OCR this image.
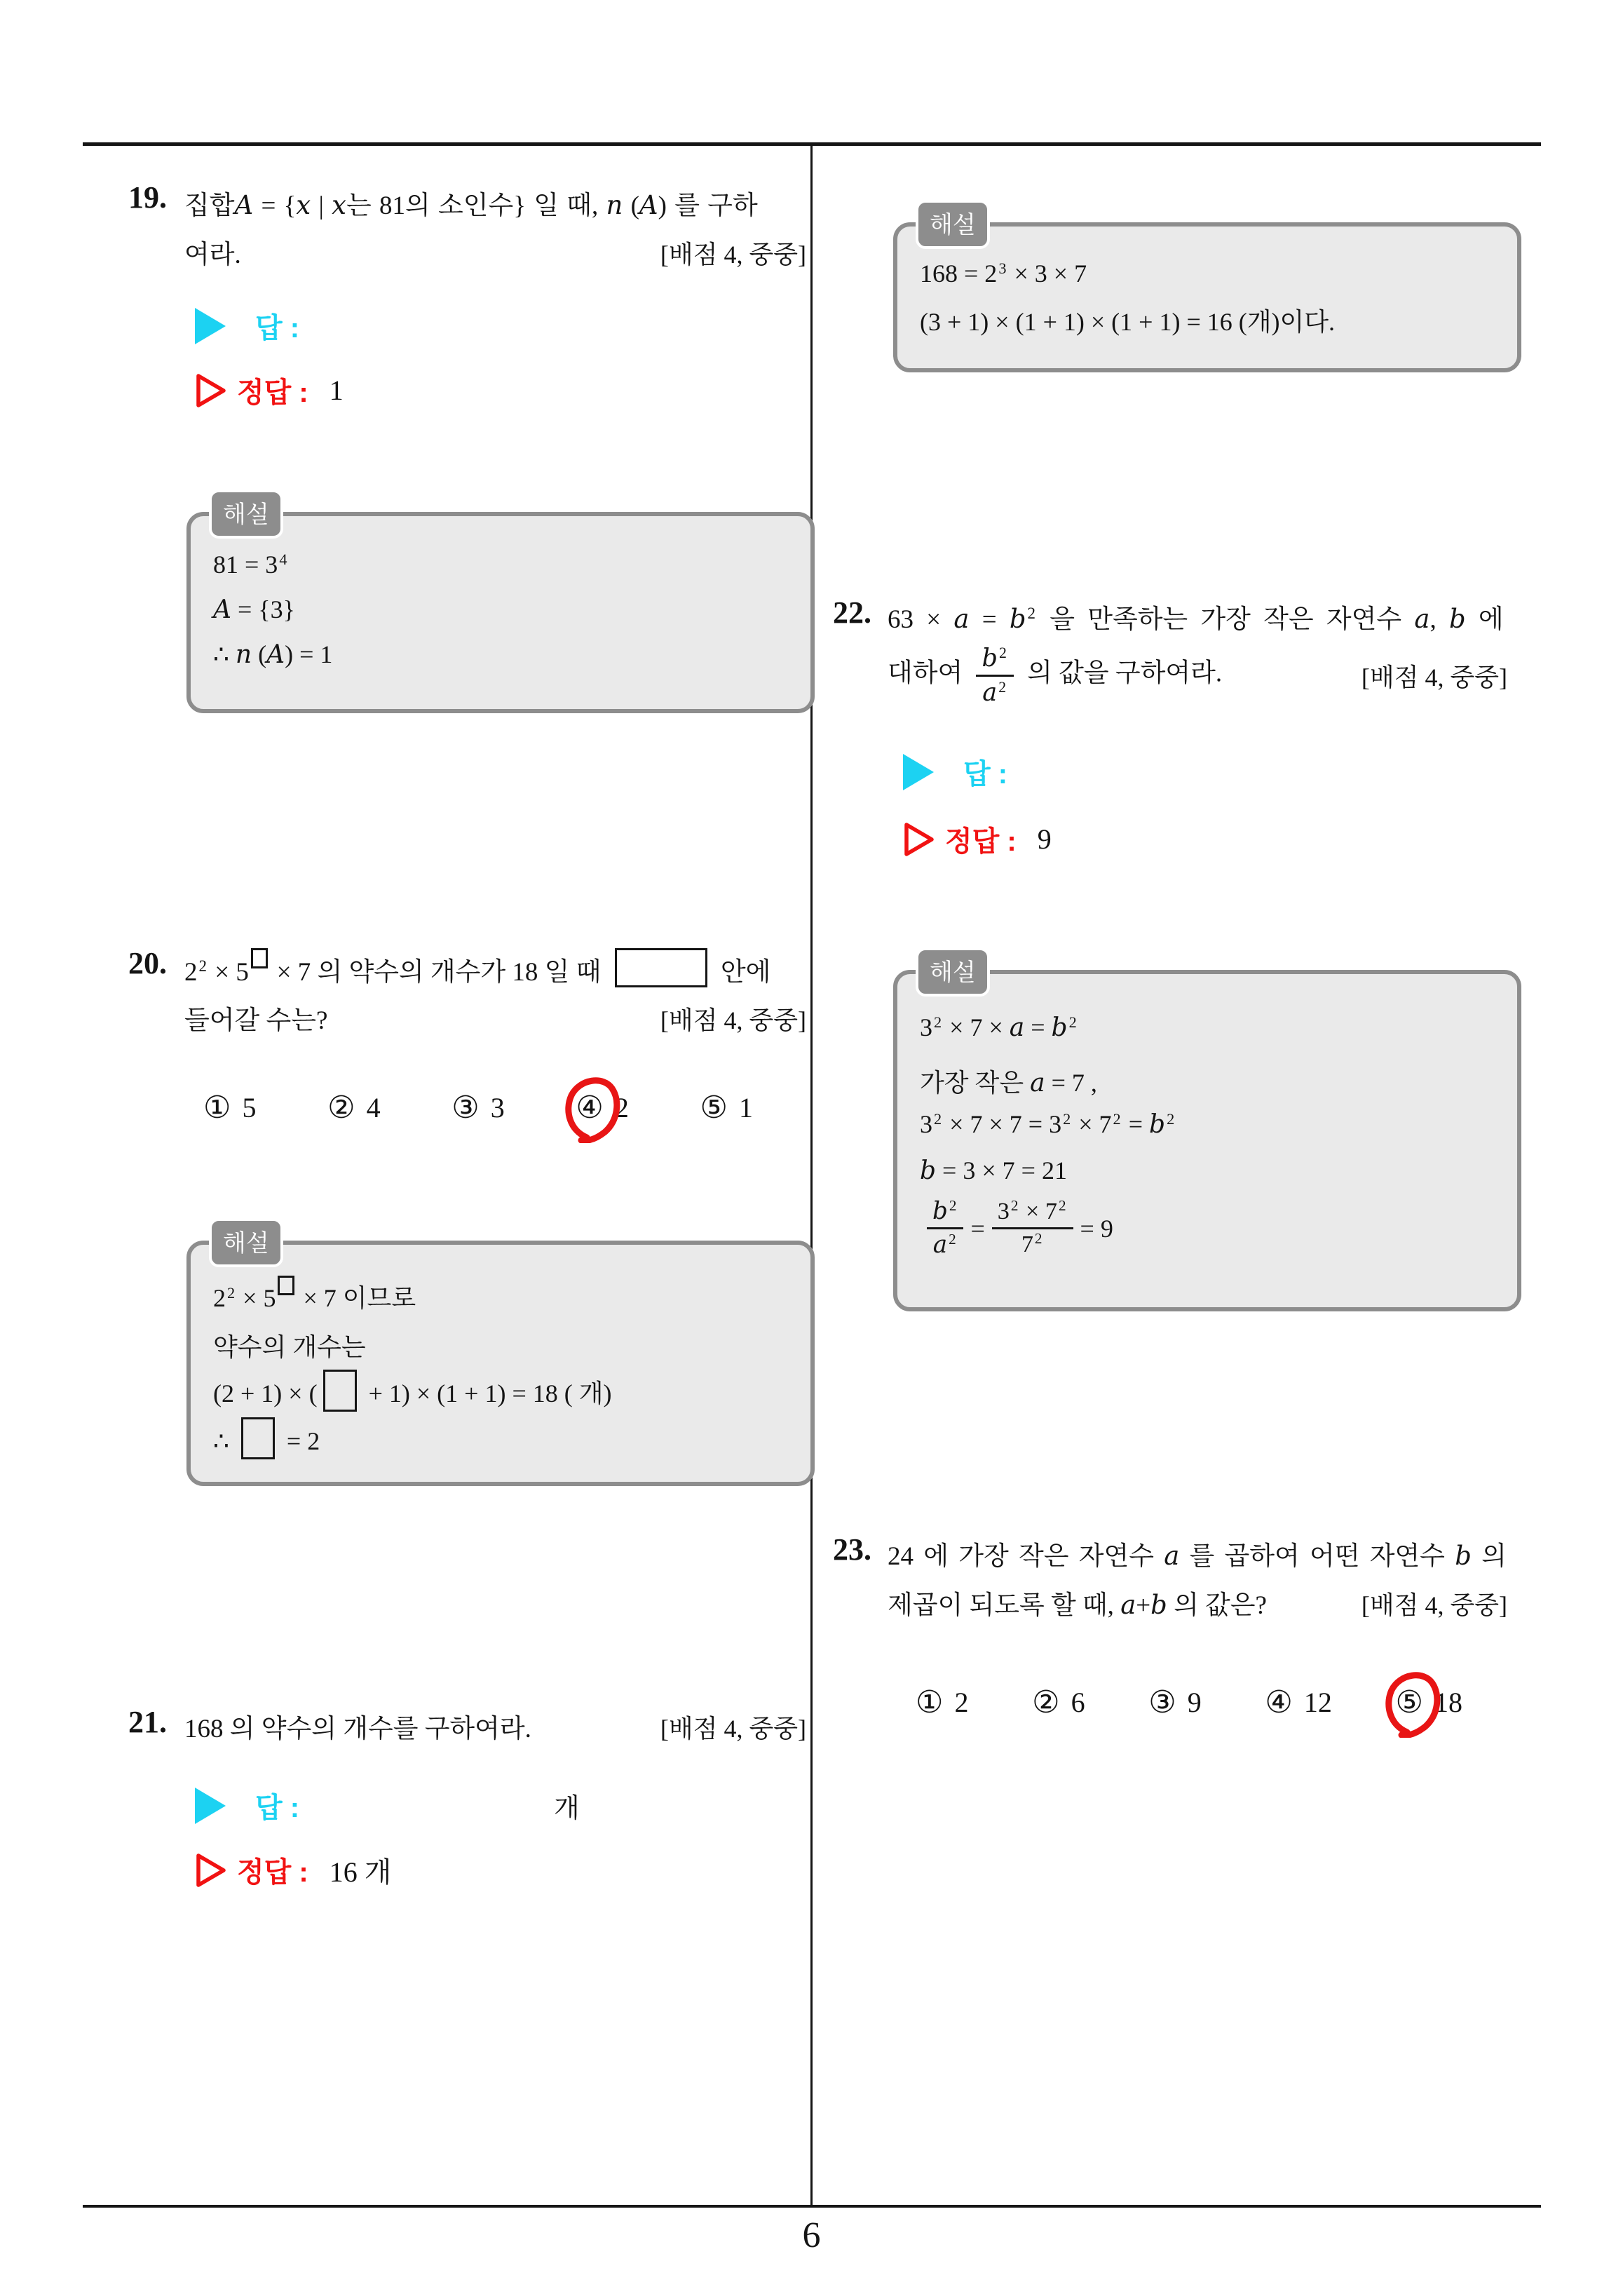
6
19. 집합A = {x | x는 81의 소인수} 일 때, n (A) 를 구하
여라.	[배점 4, 중중]
답 :
정답 : 1
해설
$81 = 3^4$
A = {3}
∴ n (A) = 1
20. $2^2 \times 5 \times 7$ 의 약수의 개수가 18 일 때	안에
들어갈 수는?	[배점 4, 중중]
① 5 ② 4 ③ 3 ④ 2 ⑤ 1
해설
$2^2 \times 5 \times 7$ 이므로
약수의 개수는
(2 + 1) × ( + 1) × (1 + 1) = 18 ( 개)
∴  = 2
21. 168 의 약수의 개수를 구하여라.	[배점 4, 중중]
답 :	개
정답 : 16 개
해설
$168 = 2^3 \times 3 \times 7$
(3 + 1) × (1 + 1) × (1 + 1) = 16 (개)이다.
22. $63 \times a = b^2$ 을 만족하는 가장 작은 자연수 a, b 에
대하여 $\frac{b^2}{a^2}$ 의 값을 구하여라.	[배점 4, 중중]
답 :
정답 : 9
해설
$3^2 \times 7 \times a = b^2$
가장 작은 a = 7 ,
$3^2 \times 7 \times 7 = 3^2 \times 7^2 = b^2$
b = 3 × 7 = 21
$\frac{b^2}{a^2} = \frac{3^2 \times 7^2}{7^2} = 9$
23. 24 에 가장 작은 자연수 a 를 곱하여 어떤 자연수 b 의
제곱이 되도록 할 때, a+b 의 값은?	[배점 4, 중중]
① 2 ② 6 ③ 9 ④ 12 ⑤ 18
